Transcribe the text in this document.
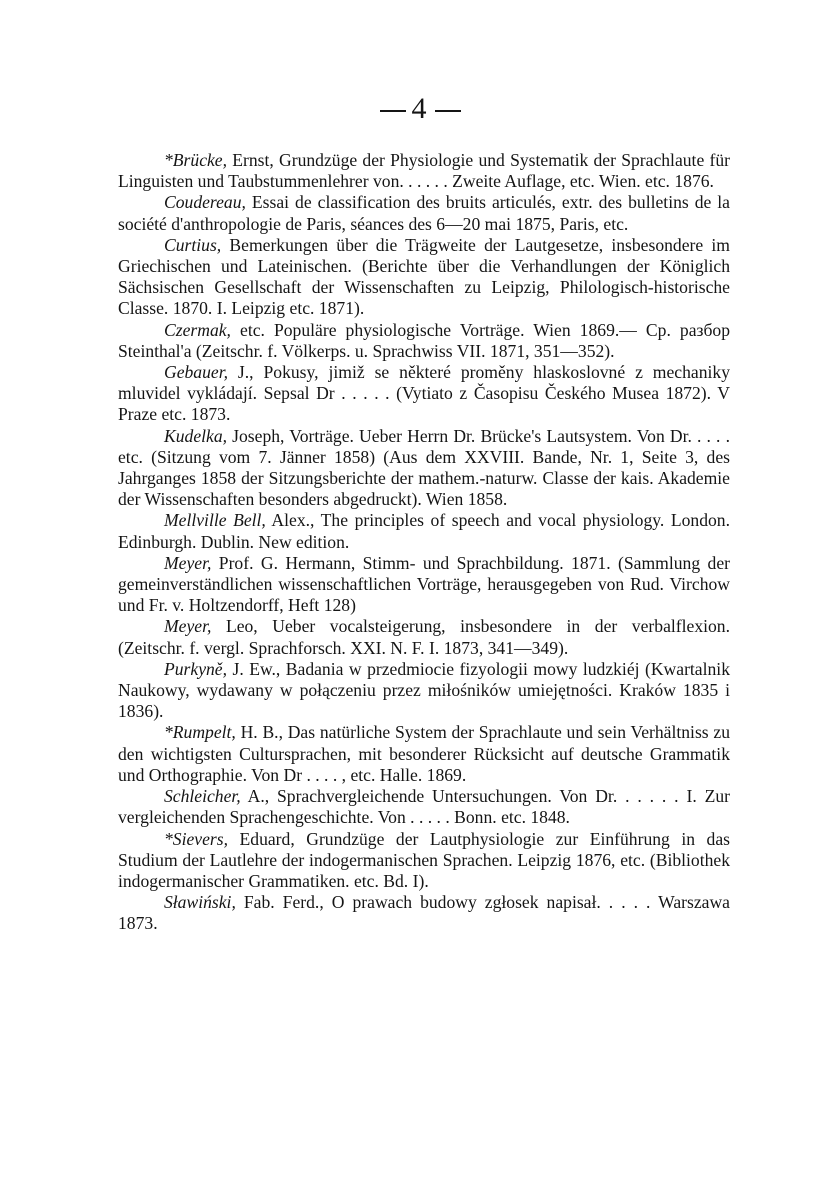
4

*Brücke, Ernst, Grundzüge der Physiologie und Systematik der Sprachlaute für Linguisten und Taubstummenlehrer von. . . . . . Zweite Auflage, etc. Wien. etc. 1876.

Coudereau, Essai de classification des bruits articulés, extr. des bulletins de la société d'anthropologie de Paris, séances des 6—20 mai 1875, Paris, etc.

Curtius, Bemerkungen über die Trägweite der Lautgesetze, insbesondere im Griechischen und Lateinischen. (Berichte über die Verhandlungen der Königlich Sächsischen Gesellschaft der Wissenschaften zu Leipzig, Philologisch-historische Classe. 1870. I. Leipzig etc. 1871).

Czermak, etc. Populäre physiologische Vorträge. Wien 1869.— Cp. разбор Steinthal'a (Zeitschr. f. Völkerps. u. Sprachwiss VII. 1871, 351—352).

Gebauer, J., Pokusy, jimiž se některé proměny hlaskoslovné z mechaniky mluvidel vykládají. Sepsal Dr . . . . . (Vytiato z Časopisu Českého Musea 1872). V Praze etc. 1873.

Kudelka, Joseph, Vorträge. Ueber Herrn Dr. Brücke's Lautsystem. Von Dr. . . . . etc. (Sitzung vom 7. Jänner 1858) (Aus dem XXVIII. Bande, Nr. 1, Seite 3, des Jahrganges 1858 der Sitzungsberichte der mathem.-naturw. Classe der kais. Akademie der Wissenschaften besonders abgedruckt). Wien 1858.

Mellville Bell, Alex., The principles of speech and vocal physiology. London. Edinburgh. Dublin. New edition.

Meyer, Prof. G. Hermann, Stimm- und Sprachbildung. 1871. (Sammlung der gemeinverständlichen wissenschaftlichen Vorträge, herausgegeben von Rud. Virchow und Fr. v. Holtzendorff, Heft 128)

Meyer, Leo, Ueber vocalsteigerung, insbesondere in der verbalflexion. (Zeitschr. f. vergl. Sprachforsch. XXI. N. F. I. 1873, 341—349).

Purkyně, J. Ew., Badania w przedmiocie fizyologii mowy ludzkiéj (Kwartalnik Naukowy, wydawany w połączeniu przez miłośników umiejętności. Kraków 1835 i 1836).

*Rumpelt, H. B., Das natürliche System der Sprachlaute und sein Verhältniss zu den wichtigsten Cultursprachen, mit besonderer Rücksicht auf deutsche Grammatik und Orthographie. Von Dr . . . . , etc. Halle. 1869.

Schleicher, A., Sprachvergleichende Untersuchungen. Von Dr. . . . . . I. Zur vergleichenden Sprachengeschichte. Von . . . . . Bonn. etc. 1848.

*Sievers, Eduard, Grundzüge der Lautphysiologie zur Einführung in das Studium der Lautlehre der indogermanischen Sprachen. Leipzig 1876, etc. (Bibliothek indogermanischer Grammatiken. etc. Bd. I).

Sławiński, Fab. Ferd., O prawach budowy zgłosek napisał. . . . . Warszawa 1873.
